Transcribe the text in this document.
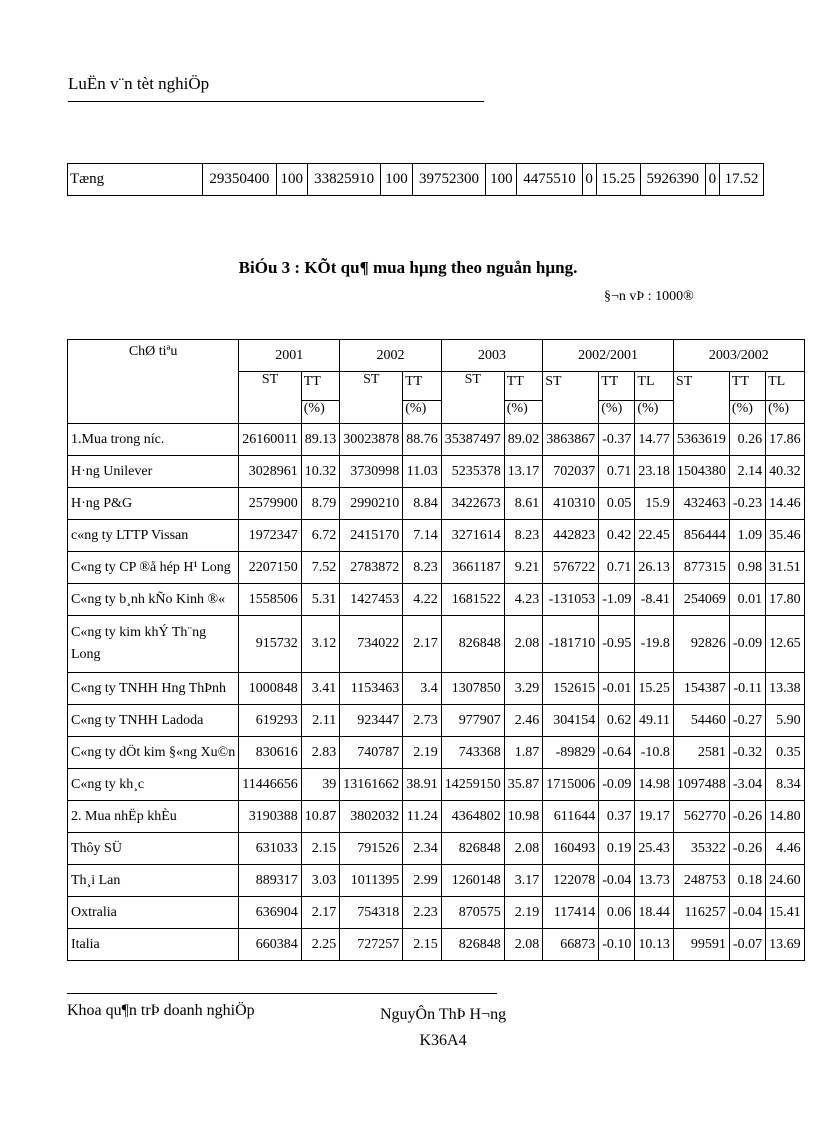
LuËn v¨n tèt nghiÖp
Tæng	29350400	100	33825910	100	39752300	100	4475510	0	15.25	5926390	0	17.52
BiÓu 3 : KÕt qu¶ mua hµng theo nguån hµng.
§¬n vÞ : 1000®
ChØ tiªu	2001		2002		2003		2002/2001			2003/2002		
	ST	TT	ST	TT	ST	TT	ST	TT	TL	ST	TT	TL
		(%)		(%)		(%)		(%)	(%)		(%)	(%)
1.Mua trong níc.	26160011	89.13	30023878	88.76	35387497	89.02	3863867	-0.37	14.77	5363619	0.26	17.86
H·ng Unilever	3028961	10.32	3730998	11.03	5235378	13.17	702037	0.71	23.18	1504380	2.14	40.32
H·ng P&G	2579900	8.79	2990210	8.84	3422673	8.61	410310	0.05	15.9	432463	-0.23	14.46
c«ng ty LTTP Vissan	1972347	6.72	2415170	7.14	3271614	8.23	442823	0.42	22.45	856444	1.09	35.46
C«ng ty CP ®å hép H¹ Long	2207150	7.52	2783872	8.23	3661187	9.21	576722	0.71	26.13	877315	0.98	31.51
C«ng ty b¸nh kÑo Kinh ®«	1558506	5.31	1427453	4.22	1681522	4.23	-131053	-1.09	-8.41	254069	0.01	17.80
C«ng ty kim khÝ Th¨ng Long	915732	3.12	734022	2.17	826848	2.08	-181710	-0.95	-19.8	92826	-0.09	12.65
C«ng ty TNHH Hng ThÞnh	1000848	3.41	1153463	3.4	1307850	3.29	152615	-0.01	15.25	154387	-0.11	13.38
C«ng ty TNHH Ladoda	619293	2.11	923447	2.73	977907	2.46	304154	0.62	49.11	54460	-0.27	5.90
C«ng ty dÖt kim §«ng Xu©n	830616	2.83	740787	2.19	743368	1.87	-89829	-0.64	-10.8	2581	-0.32	0.35
C«ng ty kh¸c	11446656	39	13161662	38.91	14259150	35.87	1715006	-0.09	14.98	1097488	-3.04	8.34
2. Mua nhËp khÈu	3190388	10.87	3802032	11.24	4364802	10.98	611644	0.37	19.17	562770	-0.26	14.80
Thôy SÜ	631033	2.15	791526	2.34	826848	2.08	160493	0.19	25.43	35322	-0.26	4.46
Th¸i Lan	889317	3.03	1011395	2.99	1260148	3.17	122078	-0.04	13.73	248753	0.18	24.60
Oxtralia	636904	2.17	754318	2.23	870575	2.19	117414	0.06	18.44	116257	-0.04	15.41
Italia	660384	2.25	727257	2.15	826848	2.08	66873	-0.10	10.13	99591	-0.07	13.69
Khoa qu¶n trÞ doanh nghiÖp	NguyÔn ThÞ H¬ng
K36A4
